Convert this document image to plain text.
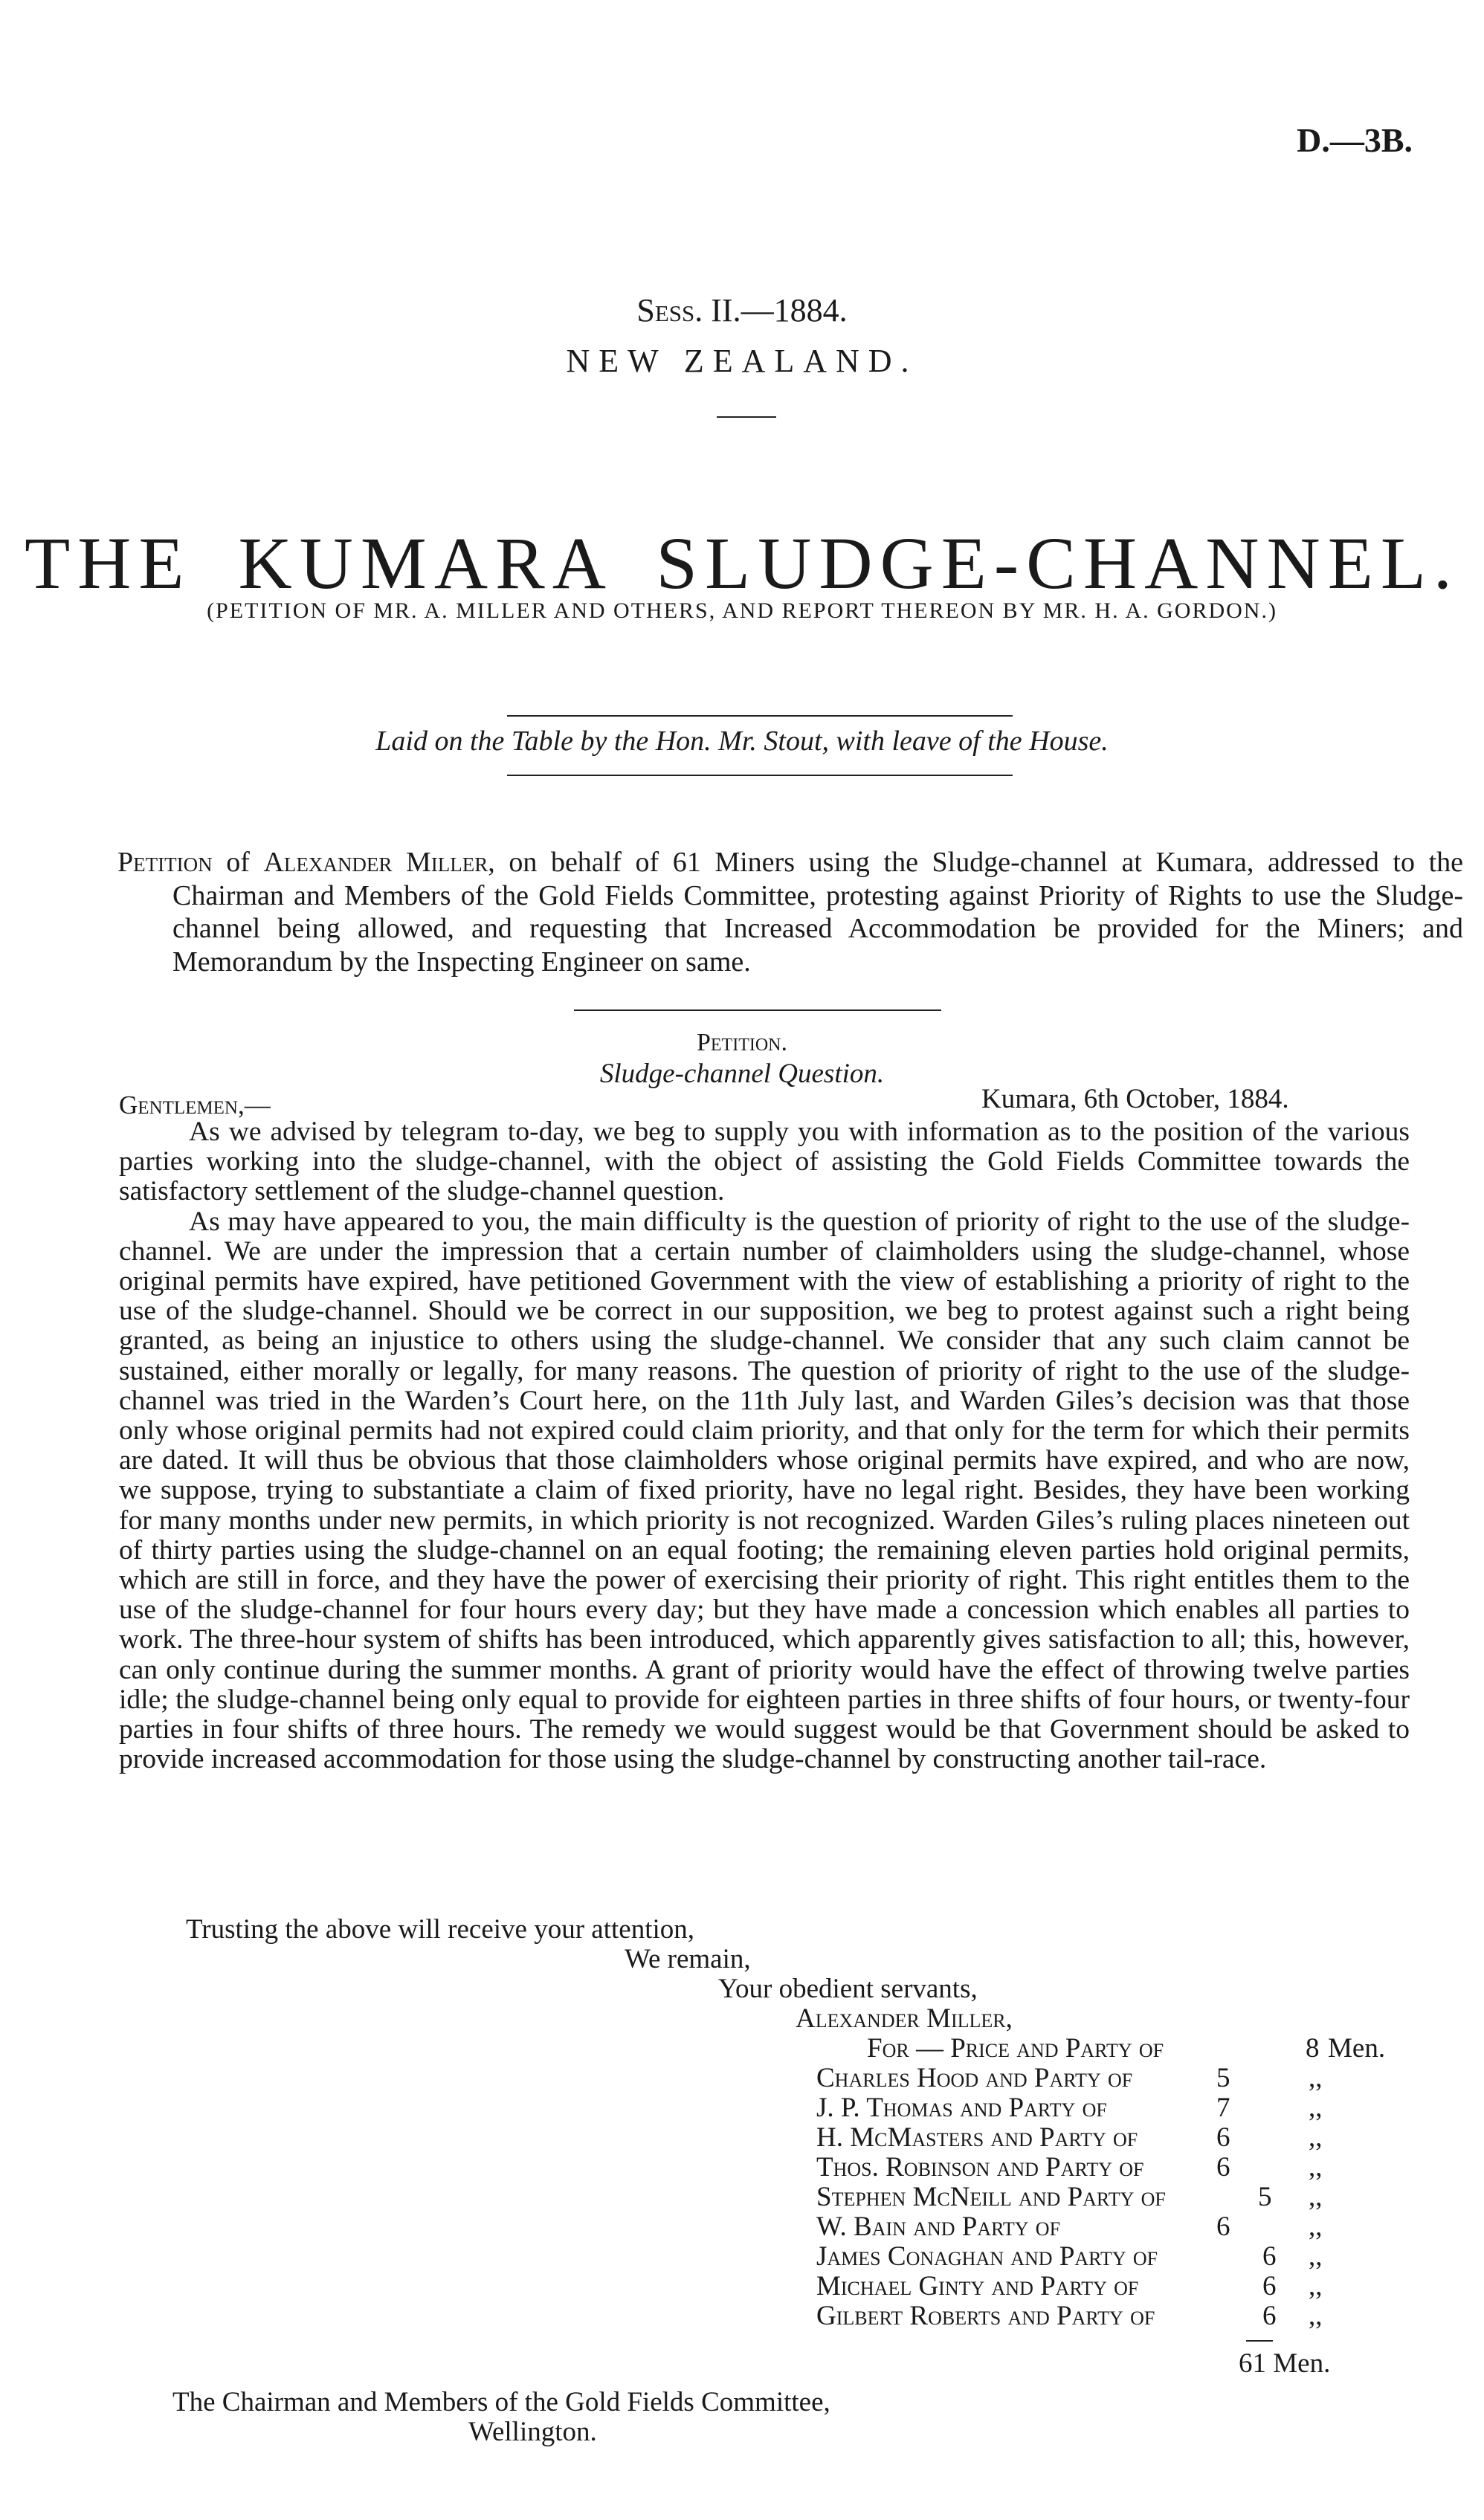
D.—3B.
Sess. II.—1884.
NEW ZEALAND.
THE KUMARA SLUDGE-CHANNEL.
(PETITION OF MR. A. MILLER AND OTHERS, AND REPORT THEREON BY MR. H. A. GORDON.)
Laid on the Table by the Hon. Mr. Stout, with leave of the House.
Petition of Alexander Miller, on behalf of 61 Miners using the Sludge-channel at Kumara, addressed to the Chairman and Members of the Gold Fields Committee, protesting against Priority of Rights to use the Sludge-channel being allowed, and requesting that Increased Accommodation be provided for the Miners; and Memorandum by the Inspecting Engineer on same.
Petition.
Sludge-channel Question.
Gentlemen,—	Kumara, 6th October, 1884.

As we advised by telegram to-day, we beg to supply you with information as to the position of the various parties working into the sludge-channel, with the object of assisting the Gold Fields Committee towards the satisfactory settlement of the sludge-channel question.

As may have appeared to you, the main difficulty is the question of priority of right to the use of the sludge-channel. We are under the impression that a certain number of claimholders using the sludge-channel, whose original permits have expired, have petitioned Government with the view of establishing a priority of right to the use of the sludge-channel. Should we be correct in our supposition, we beg to protest against such a right being granted, as being an injustice to others using the sludge-channel. We consider that any such claim cannot be sustained, either morally or legally, for many reasons. The question of priority of right to the use of the sludge-channel was tried in the Warden’s Court here, on the 11th July last, and Warden Giles’s decision was that those only whose original permits had not expired could claim priority, and that only for the term for which their permits are dated. It will thus be obvious that those claimholders whose original permits have expired, and who are now, we suppose, trying to substantiate a claim of fixed priority, have no legal right. Besides, they have been working for many months under new permits, in which priority is not recognized. Warden Giles’s ruling places nineteen out of thirty parties using the sludge-channel on an equal footing; the remaining eleven parties hold original permits, which are still in force, and they have the power of exercising their priority of right. This right entitles them to the use of the sludge-channel for four hours every day; but they have made a concession which enables all parties to work. The three-hour system of shifts has been introduced, which apparently gives satisfaction to all; this, however, can only continue during the summer months. A grant of priority would have the effect of throwing twelve parties idle; the sludge-channel being only equal to provide for eighteen parties in three shifts of four hours, or twenty-four parties in four shifts of three hours. The remedy we would suggest would be that Government should be asked to provide increased accommodation for those using the sludge-channel by constructing another tail-race.

Trusting the above will receive your attention,
We remain,
Your obedient servants,
Alexander Miller,
For — Price and Party of	8 Men.
Charles Hood and Party of	5	,,
J. P. Thomas and Party of	7	,,
H. McMasters and Party of	6	,,
Thos. Robinson and Party of	6	,,
Stephen McNeill and Party of	5 ,,
W. Bain and Party of	6	,,
James Conaghan and Party of	6 ,,
Michael Ginty and Party of	6 ,,
Gilbert Roberts and Party of	6 ,,
61 Men.
The Chairman and Members of the Gold Fields Committee,
Wellington.
